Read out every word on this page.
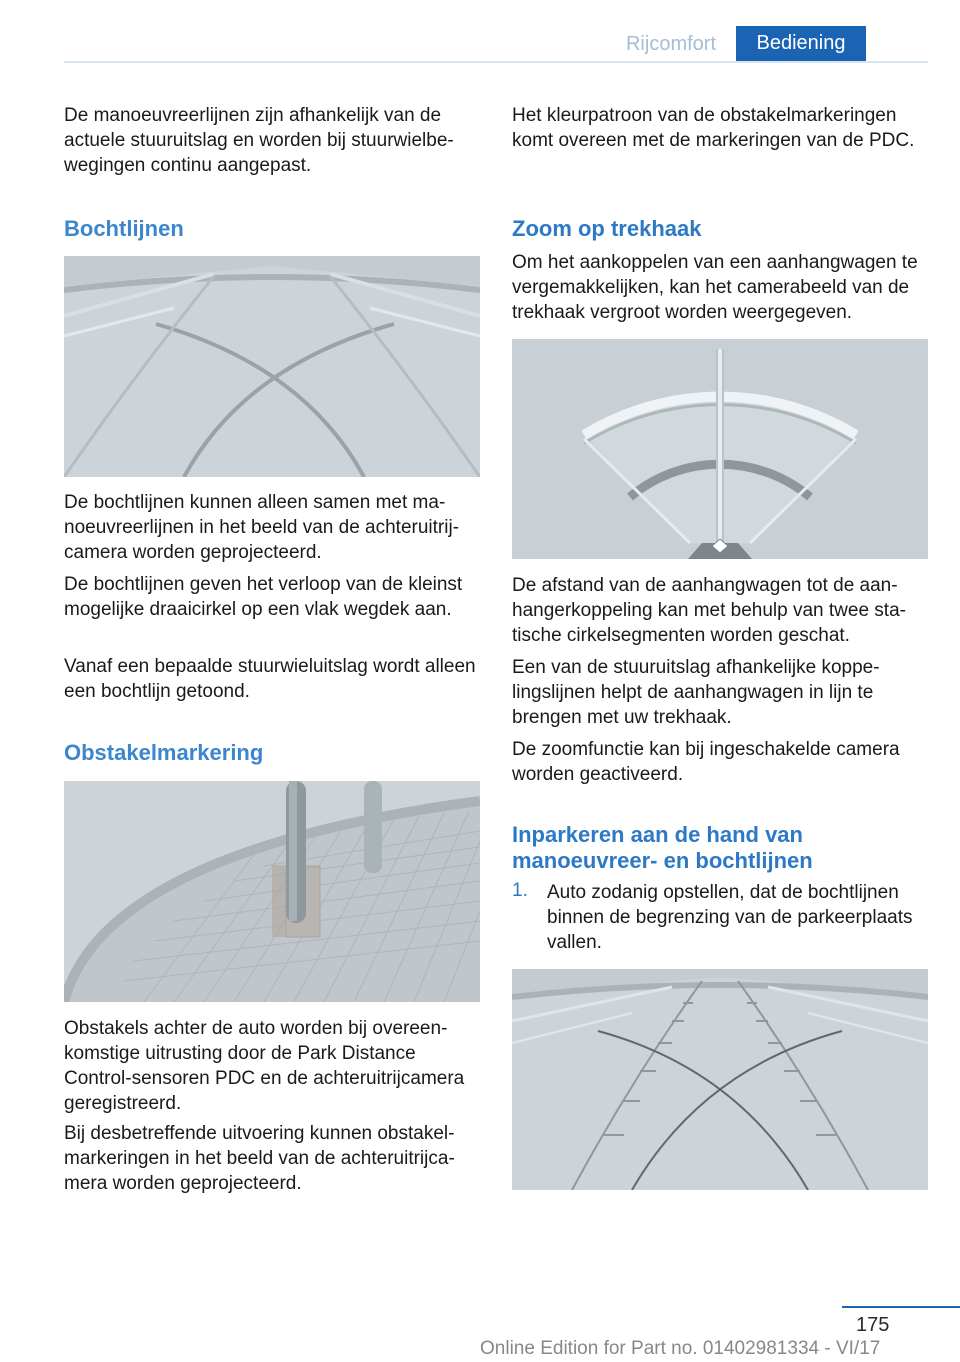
Rijcomfort	Bediening

De manoeuvreerlijnen zijn afhankelijk van de actuele stuuruitslag en worden bij stuurwielbewegingen continu aangepast.

Bochtlijnen

De bochtlijnen kunnen alleen samen met manoeuvreerlijnen in het beeld van de achteruitrijcamera worden geprojecteerd.

De bochtlijnen geven het verloop van de kleinst mogelijke draaicirkel op een vlak wegdek aan.

Vanaf een bepaalde stuurwieluitslag wordt alleen een bochtlijn getoond.

Obstakelmarkering

Obstakels achter de auto worden bij overeenkomstige uitrusting door de Park Distance Control-sensoren PDC en de achteruitrijcamera geregistreerd.

Bij desbetreffende uitvoering kunnen obstakelmarkeringen in het beeld van de achteruitrijcamera worden geprojecteerd.

Het kleurpatroon van de obstakelmarkeringen komt overeen met de markeringen van de PDC.

Zoom op trekhaak

Om het aankoppelen van een aanhangwagen te vergemakkelijken, kan het camerabeeld van de trekhaak vergroot worden weergegeven.

De afstand van de aanhangwagen tot de aanhangerkoppeling kan met behulp van twee statische cirkelsegmenten worden geschat.

Een van de stuuruitslag afhankelijke koppelingslijnen helpt de aanhangwagen in lijn te brengen met uw trekhaak.

De zoomfunctie kan bij ingeschakelde camera worden geactiveerd.

Inparkeren aan de hand van manoeuvreer- en bochtlijnen
1. Auto zodanig opstellen, dat de bochtlijnen binnen de begrenzing van de parkeerplaats vallen.

175
Online Edition for Part no. 01402981334 - VI/17
